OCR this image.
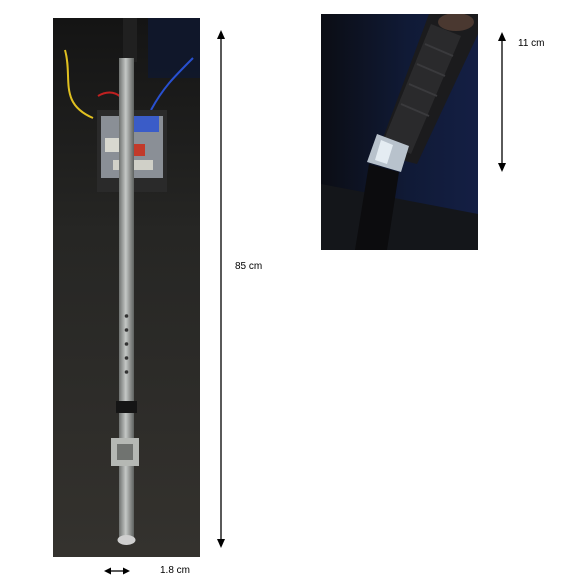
85 cm
11 cm
1.8 cm
